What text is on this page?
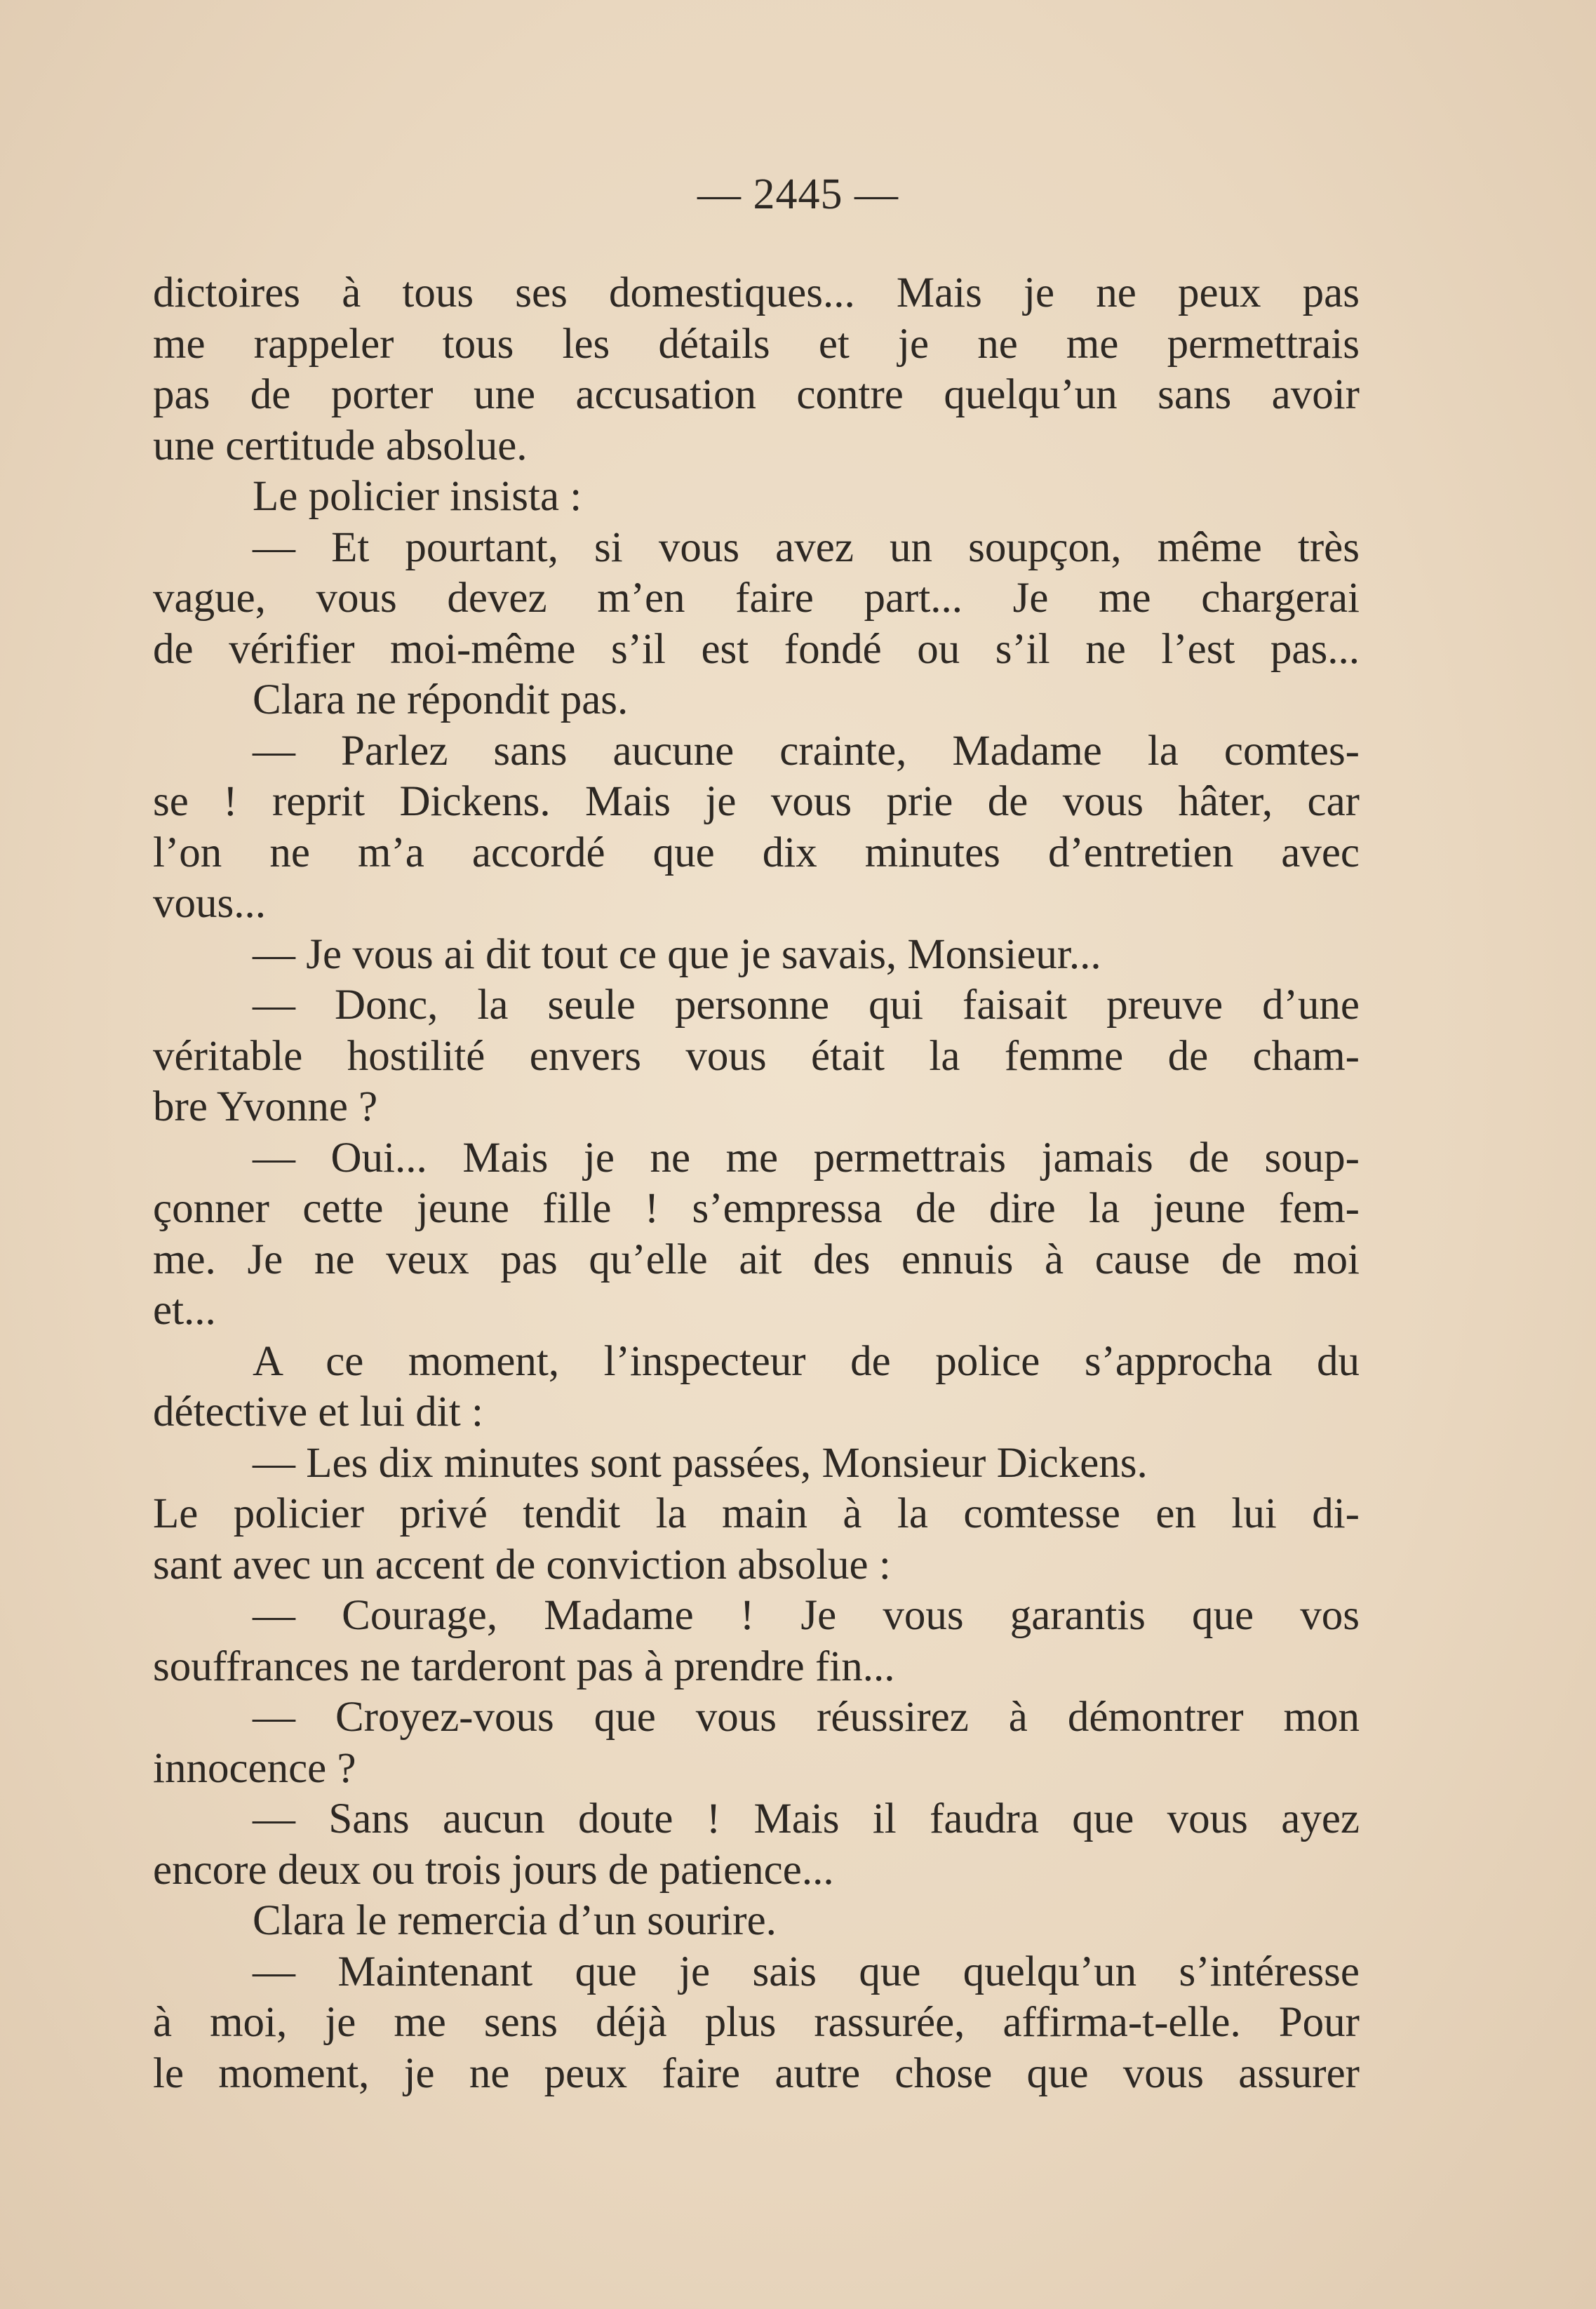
— 2445 —
dictoires à tous ses domestiques... Mais je ne peux pas
me rappeler tous les détails et je ne me permettrais
pas de porter une accusation contre quelqu’un sans avoir
une certitude absolue.
Le policier insista :
— Et pourtant, si vous avez un soupçon, même très
vague, vous devez m’en faire part... Je me chargerai
de vérifier moi-même s’il est fondé ou s’il ne l’est pas...
Clara ne répondit pas.
— Parlez sans aucune crainte, Madame la comtes-
se ! reprit Dickens. Mais je vous prie de vous hâter, car
l’on ne m’a accordé que dix minutes d’entretien avec
vous...
— Je vous ai dit tout ce que je savais, Monsieur...
— Donc, la seule personne qui faisait preuve d’une
véritable hostilité envers vous était la femme de cham-
bre Yvonne ?
— Oui... Mais je ne me permettrais jamais de soup-
çonner cette jeune fille ! s’empressa de dire la jeune fem-
me. Je ne veux pas qu’elle ait des ennuis à cause de moi
et...
A ce moment, l’inspecteur de police s’approcha du
détective et lui dit :
— Les dix minutes sont passées, Monsieur Dickens.
Le policier privé tendit la main à la comtesse en lui di-
sant avec un accent de conviction absolue :
— Courage, Madame ! Je vous garantis que vos
souffrances ne tarderont pas à prendre fin...
— Croyez-vous que vous réussirez à démontrer mon
innocence ?
— Sans aucun doute ! Mais il faudra que vous ayez
encore deux ou trois jours de patience...
Clara le remercia d’un sourire.
— Maintenant que je sais que quelqu’un s’intéresse
à moi, je me sens déjà plus rassurée, affirma-t-elle. Pour
le moment, je ne peux faire autre chose que vous assurer
